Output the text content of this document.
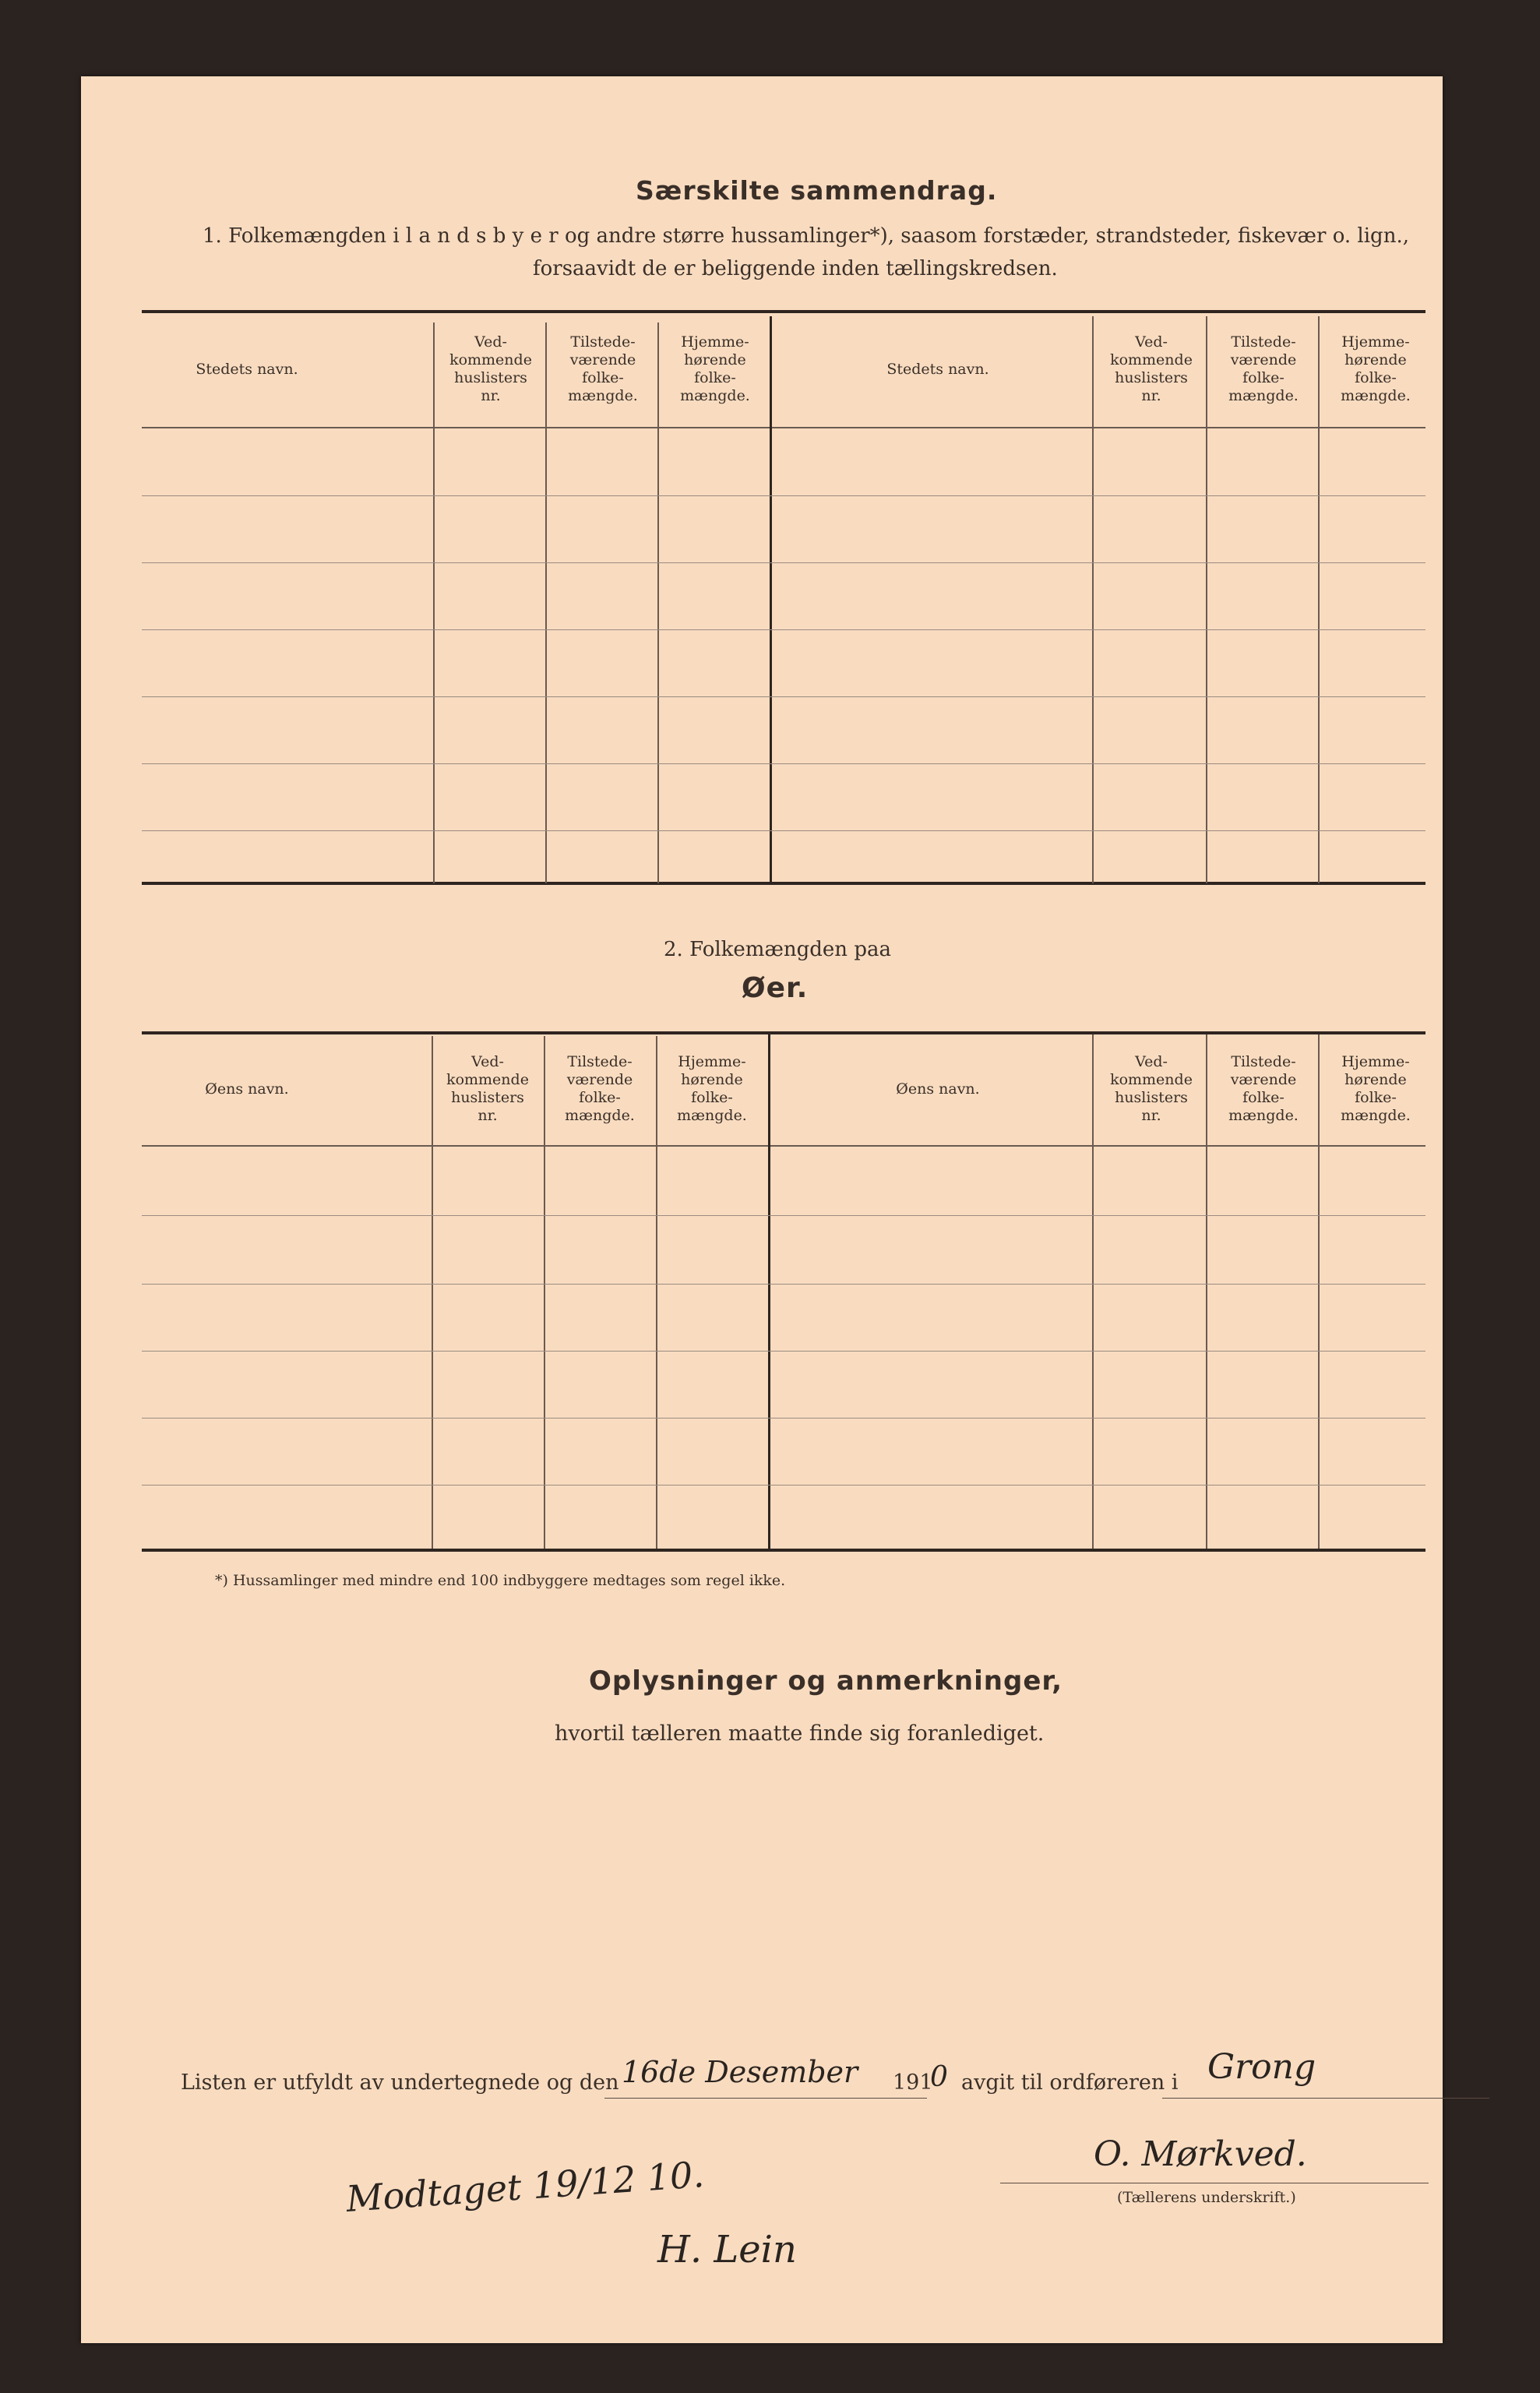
Særskilte sammendrag.
1. Folkemængden i l a n d s b y e r og andre større hussamlinger*), saasom forstæder, strandsteder, fiskevær o. lign.,
forsaavidt de er beliggende inden tællingskredsen.
Stedets navn.
Ved-
kommende
huslisters
nr.
Tilstede-
værende
folke-
mængde.
Hjemme-
hørende
folke-
mængde.
Stedets navn.
Ved-
kommende
huslisters
nr.
Tilstede-
værende
folke-
mængde.
Hjemme-
hørende
folke-
mængde.
2. Folkemængden paa
Øer.
Øens navn.
Ved-
kommende
huslisters
nr.
Tilstede-
værende
folke-
mængde.
Hjemme-
hørende
folke-
mængde.
Øens navn.
Ved-
kommende
huslisters
nr.
Tilstede-
værende
folke-
mængde.
Hjemme-
hørende
folke-
mængde.
*) Hussamlinger med mindre end 100 indbyggere medtages som regel ikke.
Oplysninger og anmerkninger,
hvortil tælleren maatte finde sig foranlediget.
Listen er utfyldt av undertegnede og den 16de Desember 191
0 avgit til ordføreren i Grong
O. Mørkved.
(Tællerens underskrift.)
Modtaget 19/12 10.
H. Lein
